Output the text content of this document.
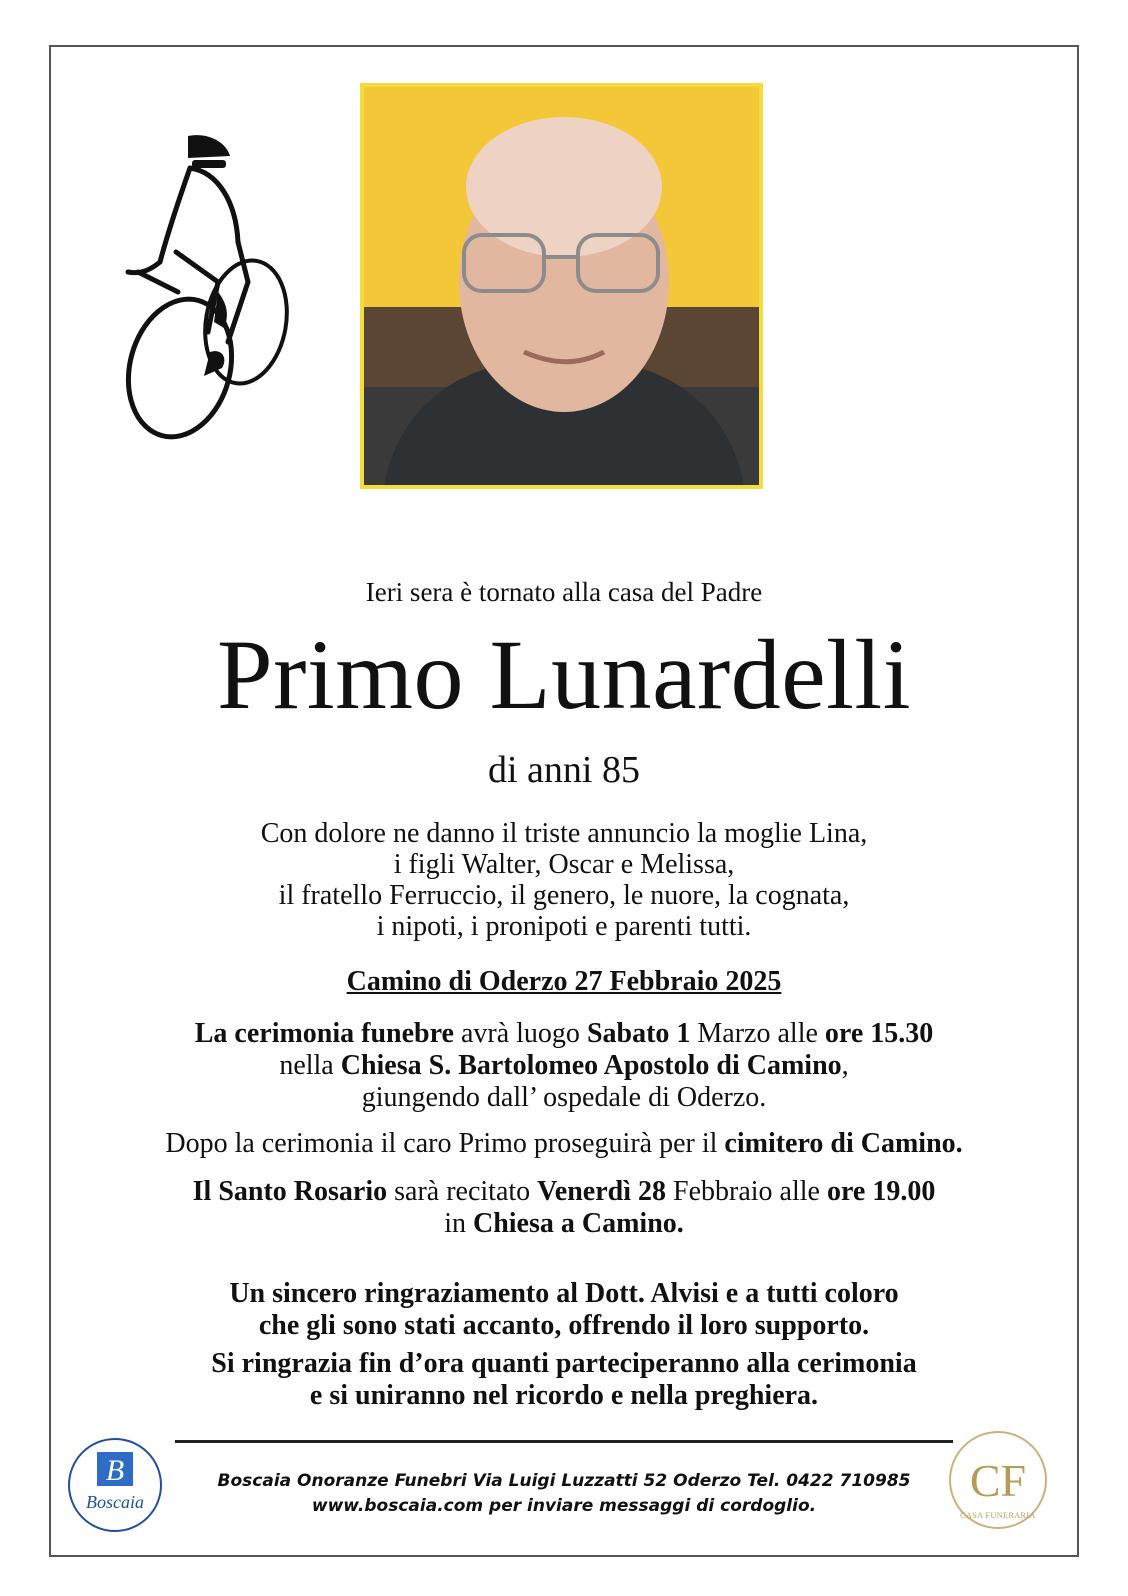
Ieri sera è tornato alla casa del Padre
Primo Lunardelli
di anni 85
Con dolore ne danno il triste annuncio la moglie Lina,
i figli Walter, Oscar e Melissa,
il fratello Ferruccio, il genero, le nuore, la cognata,
i nipoti, i pronipoti e parenti tutti.
Camino di Oderzo 27 Febbraio 2025
La cerimonia funebre avrà luogo Sabato 1 Marzo alle ore 15.30
nella Chiesa S. Bartolomeo Apostolo di Camino,
giungendo dall’ ospedale di Oderzo.
Dopo la cerimonia il caro Primo proseguirà per il cimitero di Camino.
Il Santo Rosario sarà recitato Venerdì 28 Febbraio alle ore 19.00
in Chiesa a Camino.
Un sincero ringraziamento al Dott. Alvisi e a tutti coloro
che gli sono stati accanto, offrendo il loro supporto.
Si ringrazia fin d’ora quanti parteciperanno alla cerimonia
e si uniranno nel ricordo e nella preghiera.
B
Boscaia
Boscaia Onoranze Funebri Via Luigi Luzzatti 52 Oderzo Tel. 0422 710985
www.boscaia.com per inviare messaggi di cordoglio.	CF
CASA FUNERARIA
